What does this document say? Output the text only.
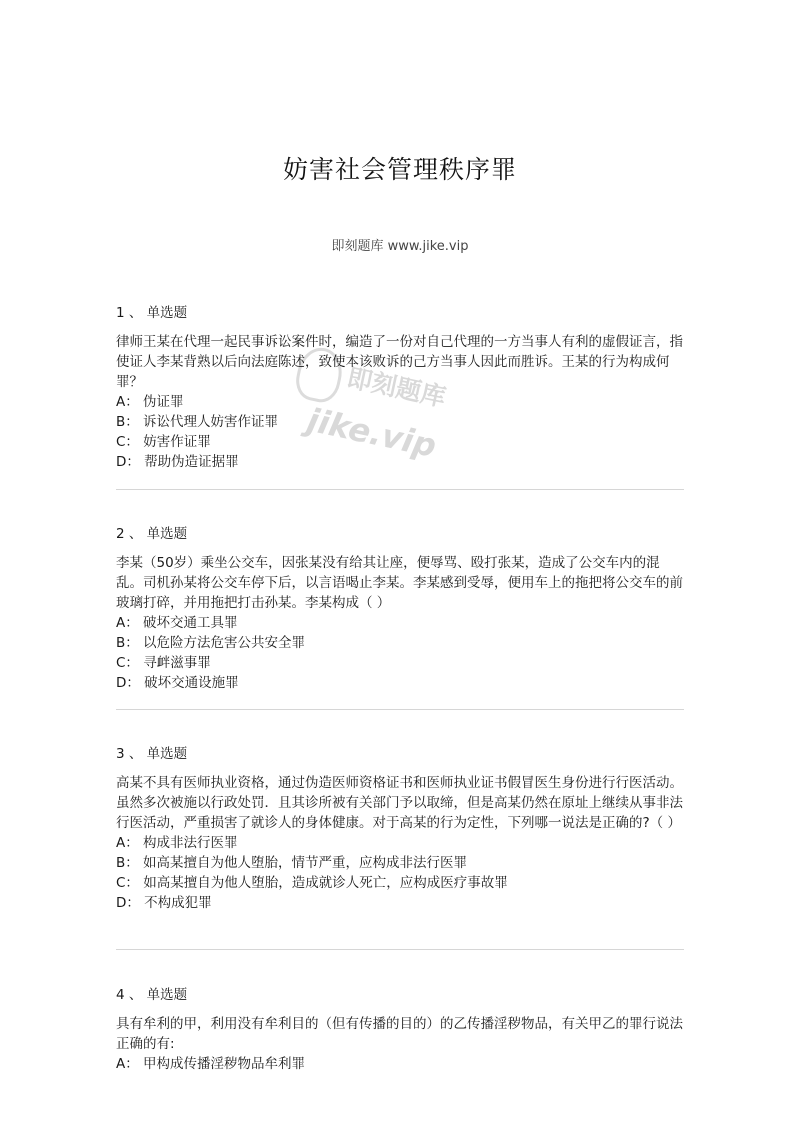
妨害社会管理秩序罪
即刻题库 www.jike.vip
即刻题库
jike.vip
1 、 单选题

律师王某在代理一起民事诉讼案件时，编造了一份对自己代理的一方当事人有利的虚假证言，指使证人李某背熟以后向法庭陈述，致使本该败诉的己方当事人因此而胜诉。王某的行为构成何罪？

A： 伪证罪
B： 诉讼代理人妨害作证罪
C： 妨害作证罪
D： 帮助伪造证据罪
2 、 单选题

李某（50岁）乘坐公交车，因张某没有给其让座，便辱骂、殴打张某，造成了公交车内的混乱。司机孙某将公交车停下后，以言语喝止李某。李某感到受辱，便用车上的拖把将公交车的前玻璃打碎，并用拖把打击孙某。李某构成（ ）

A： 破坏交通工具罪
B： 以危险方法危害公共安全罪
C： 寻衅滋事罪
D： 破坏交通设施罪
3 、 单选题

高某不具有医师执业资格，通过伪造医师资格证书和医师执业证书假冒医生身份进行行医活动。虽然多次被施以行政处罚．且其诊所被有关部门予以取缔，但是高某仍然在原址上继续从事非法行医活动，严重损害了就诊人的身体健康。对于高某的行为定性，下列哪一说法是正确的?（ ）

A： 构成非法行医罪
B： 如高某擅自为他人堕胎，情节严重，应构成非法行医罪
C： 如高某擅自为他人堕胎，造成就诊人死亡，应构成医疗事故罪
D： 不构成犯罪
4 、 单选题

具有牟利的甲，利用没有牟利目的（但有传播的目的）的乙传播淫秽物品，有关甲乙的罪行说法正确的有:

A： 甲构成传播淫秽物品牟利罪
